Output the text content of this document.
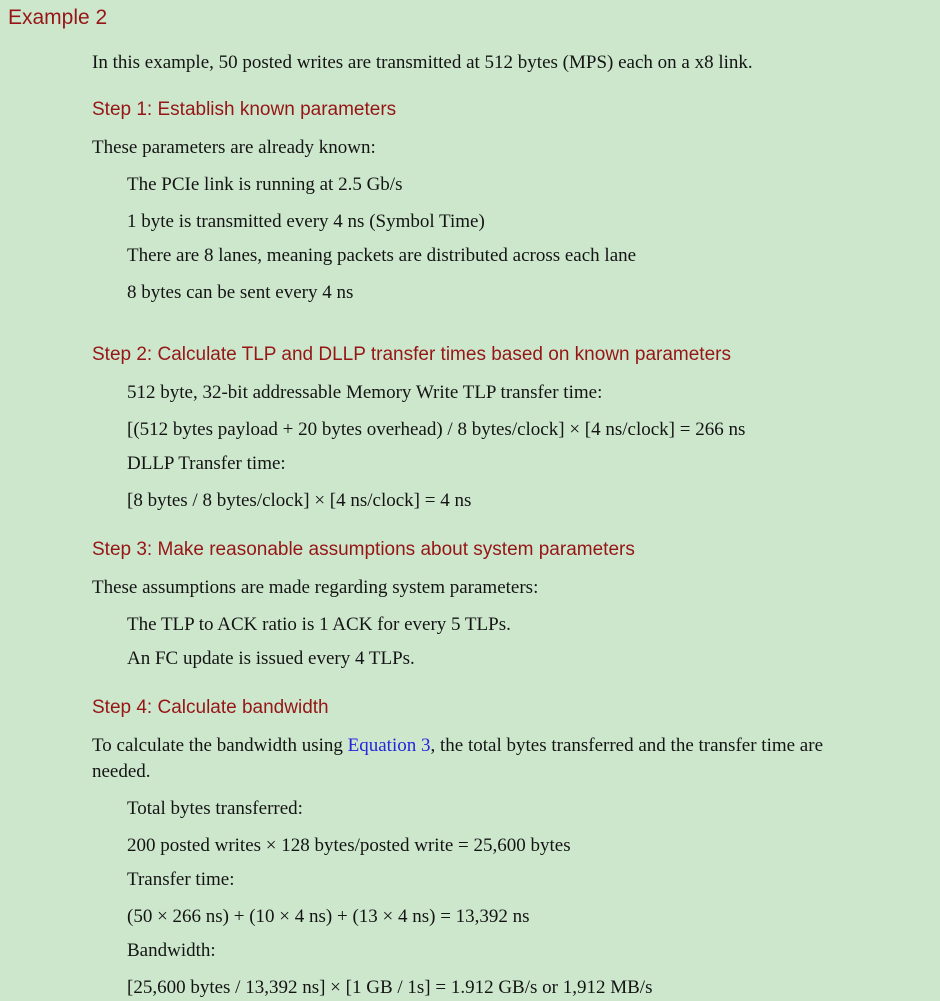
Example 2

In this example, 50 posted writes are transmitted at 512 bytes (MPS) each on a x8 link.

Step 1: Establish known parameters

These parameters are already known:

The PCIe link is running at 2.5 Gb/s
1 byte is transmitted every 4 ns (Symbol Time)
There are 8 lanes, meaning packets are distributed across each lane
8 bytes can be sent every 4 ns
Step 2: Calculate TLP and DLLP transfer times based on known parameters
512 byte, 32-bit addressable Memory Write TLP transfer time:
[(512 bytes payload + 20 bytes overhead) / 8 bytes/clock] × [4 ns/clock] = 266 ns
DLLP Transfer time:
[8 bytes / 8 bytes/clock] × [4 ns/clock] = 4 ns
Step 3: Make reasonable assumptions about system parameters

These assumptions are made regarding system parameters:

The TLP to ACK ratio is 1 ACK for every 5 TLPs.
An FC update is issued every 4 TLPs.
Step 4: Calculate bandwidth

To calculate the bandwidth using Equation 3, the total bytes transferred and the transfer time are needed.

Total bytes transferred:
200 posted writes × 128 bytes/posted write = 25,600 bytes
Transfer time:
(50 × 266 ns) + (10 × 4 ns) + (13 × 4 ns) = 13,392 ns
Bandwidth:
[25,600 bytes / 13,392 ns] × [1 GB / 1s] = 1.912 GB/s or 1,912 MB/s
